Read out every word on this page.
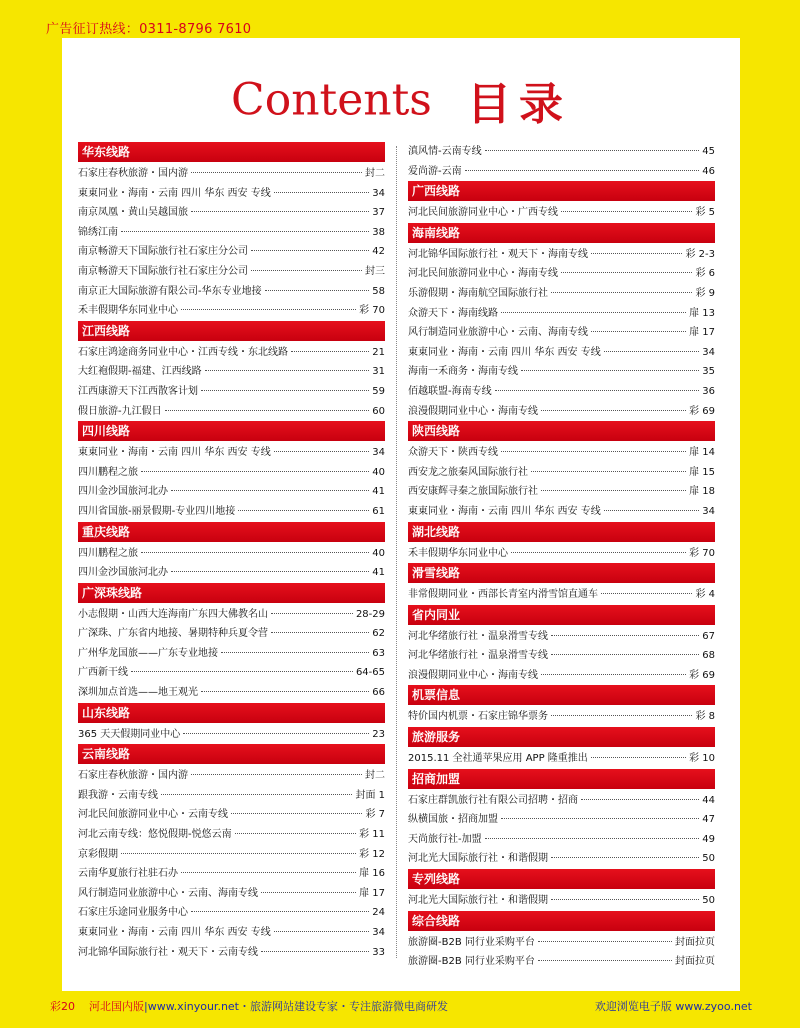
广告征订热线：0311-8796 7610
Contents 目录
华东线路
石家庄春秋旅游・国内游	封二
東東同业・海南・云南 四川 华东 西安 专线	34
南京凤凰・黄山吴越国旅	37
锦绣江南	38
南京畅游天下国际旅行社石家庄分公司	42
南京畅游天下国际旅行社石家庄分公司	封三
南京正大国际旅游有限公司-华东专业地接	58
禾丰假期华东同业中心	彩 70
江西线路
石家庄鸿途商务同业中心・江西专线・东北线路	21
大红袍假期-福建、江西线路	31
江西康游天下江西散客计划	59
假日旅游-九江假日	60
四川线路
東東同业・海南・云南 四川 华东 西安 专线	34
四川鹏程之旅	40
四川金沙国旅河北办	41
四川省国旅-丽景假期-专业四川地接	61
重庆线路
四川鹏程之旅	40
四川金沙国旅河北办	41
广深珠线路
小志假期・山西大连海南广东四大佛教名山	28-29
广深珠、广东省内地接、暑期特种兵夏令营	62
广州华龙国旅——广东专业地接	63
广西新干线	64-65
深圳加点首选——地王观光	66
山东线路
365 天天假期同业中心	23
云南线路
石家庄春秋旅游・国内游	封二
跟我游・云南专线	封面 1
河北民间旅游同业中心・云南专线	彩 7
河北云南专线：悠悦假期-悦悠云南	彩 11
京彩假期	彩 12
云南华夏旅行社驻石办	扉 16
风行制造同业旅游中心・云南、海南专线	扉 17
石家庄乐途同业服务中心	24
東東同业・海南・云南 四川 华东 西安 专线	34
河北锦华国际旅行社・观天下・云南专线	33
滇风情-云南专线	45
爱尚游-云南	46
广西线路
河北民间旅游同业中心・广西专线	彩 5
海南线路
河北锦华国际旅行社・观天下・海南专线	彩 2-3
河北民间旅游同业中心・海南专线	彩 6
乐游假期・海南航空国际旅行社	彩 9
众游天下・海南线路	扉 13
风行制造同业旅游中心・云南、海南专线	扉 17
東東同业・海南・云南 四川 华东 西安 专线	34
海南一禾商务・海南专线	35
佰越联盟-海南专线	36
浪漫假期同业中心・海南专线	彩 69
陕西线路
众游天下・陕西专线	扉 14
西安龙之旅秦风国际旅行社	扉 15
西安康辉寻秦之旅国际旅行社	扉 18
東東同业・海南・云南 四川 华东 西安 专线	34
湖北线路
禾丰假期华东同业中心	彩 70
滑雪线路
非常假期同业・西部长青室内滑雪馆直通车	彩 4
省内同业
河北华绪旅行社・温泉滑雪专线	67
河北华绪旅行社・温泉滑雪专线	68
浪漫假期同业中心・海南专线	彩 69
机票信息
特价国内机票・石家庄锦华票务	彩 8
旅游服务
2015.11 全社通苹果应用 APP 隆重推出	彩 10
招商加盟
石家庄群凯旅行社有限公司招聘・招商	44
纵横国旅・招商加盟	47
天尚旅行社-加盟	49
河北光大国际旅行社・和谐假期	50
专列线路
河北光大国际旅行社・和谐假期	50
综合线路
旅游圈-B2B 同行业采购平台	封面拉页
旅游圈-B2B 同行业采购平台	封面拉页
彩20 河北国内版|www.xinyour.net・旅游网站建设专家・专注旅游微电商研发	欢迎浏览电子版 www.zyoo.net
